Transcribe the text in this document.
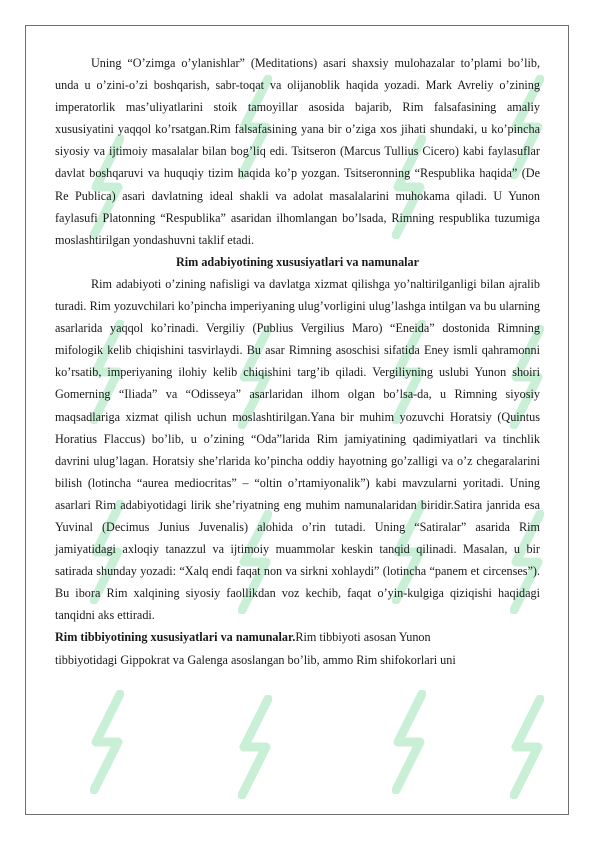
Uning “O’zimga o’ylanishlar” (Meditations) asari shaxsiy mulohazalar to’plami bo’lib, unda u o’zini-o’zi boshqarish, sabr-toqat va olijanoblik haqida yozadi. Mark Avreliy o’zining imperatorlik mas’uliyatlarini stoik tamoyillar asosida bajarib, Rim falsafasining amaliy xususiyatini yaqqol ko’rsatgan.Rim falsafasining yana bir o’ziga xos jihati shundaki, u ko’pincha siyosiy va ijtimoiy masalalar bilan bog’liq edi. Tsitseron (Marcus Tullius Cicero) kabi faylasuflar davlat boshqaruvi va huquqiy tizim haqida ko’p yozgan. Tsitseronning “Respublika haqida” (De Re Publica) asari davlatning ideal shakli va adolat masalalarini muhokama qiladi. U Yunon faylasufi Platonning “Respublika” asaridan ilhomlangan bo’lsada, Rimning respublika tuzumiga moslashtirilgan yondashuvni taklif etadi.

Rim adabiyotining xususiyatlari va namunalar

Rim adabiyoti o’zining nafisligi va davlatga xizmat qilishga yo’naltirilganligi bilan ajralib turadi. Rim yozuvchilari ko’pincha imperiyaning ulug’vorligini ulug’lashga intilgan va bu ularning asarlarida yaqqol ko’rinadi. Vergiliy (Publius Vergilius Maro) “Eneida” dostonida Rimning mifologik kelib chiqishini tasvirlaydi. Bu asar Rimning asoschisi sifatida Eney ismli qahramonni ko’rsatib, imperiyaning ilohiy kelib chiqishini targ’ib qiladi. Vergiliyning uslubi Yunon shoiri Gomerning “Iliada” va “Odisseya” asarlaridan ilhom olgan bo’lsa-da, u Rimning siyosiy maqsadlariga xizmat qilish uchun moslashtirilgan.Yana bir muhim yozuvchi Horatsiy (Quintus Horatius Flaccus) bo’lib, u o’zining “Oda”larida Rim jamiyatining qadimiyatlari va tinchlik davrini ulug’lagan. Horatsiy she’rlarida ko’pincha oddiy hayotning go’zalligi va o’z chegaralarini bilish (lotincha “aurea mediocritas” – “oltin o’rtamiyonalik”) kabi mavzularni yoritadi. Uning asarlari Rim adabiyotidagi lirik she’riyatning eng muhim namunalaridan biridir.Satira janrida esa Yuvinal (Decimus Junius Juvenalis) alohida o’rin tutadi. Uning “Satiralar” asarida Rim jamiyatidagi axloqiy tanazzul va ijtimoiy muammolar keskin tanqid qilinadi. Masalan, u bir satirada shunday yozadi: “Xalq endi faqat non va sirkni xohlaydi” (lotincha “panem et circenses”). Bu ibora Rim xalqining siyosiy faollikdan voz kechib, faqat o’yin-kulgiga qiziqishi haqidagi tanqidni aks ettiradi.

Rim tibbiyotining xususiyatlari va namunalar.Rim tibbiyoti asosan Yunon
tibbiyotidagi Gippokrat va Galenga asoslangan bo’lib, ammo Rim shifokorlari uni
